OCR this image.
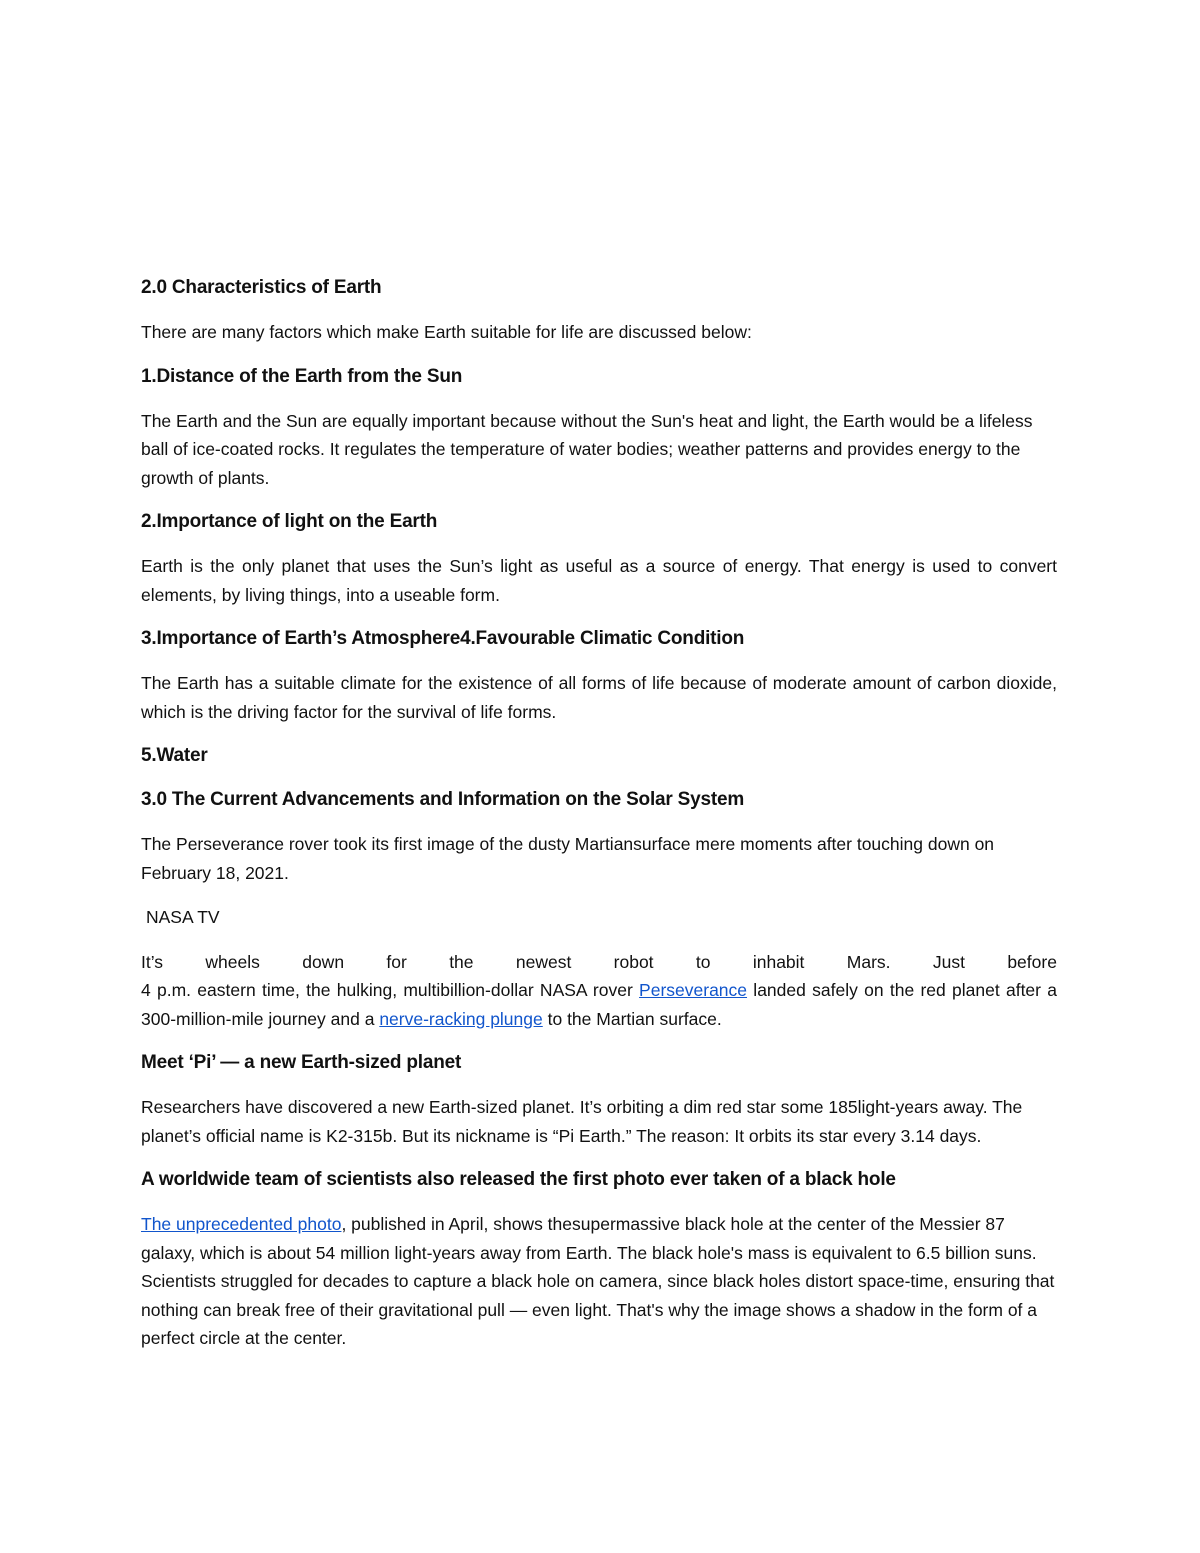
2.0 Characteristics of Earth
There are many factors which make Earth suitable for life are discussed below:
1.Distance of the Earth from the Sun
The Earth and the Sun are equally important because without the Sun's heat and light, the Earth would be a lifeless ball of ice-coated rocks. It regulates the temperature of water bodies; weather patterns and provides energy to the growth of plants.
2.Importance of light on the Earth
Earth is the only planet that uses the Sun’s light as useful as a source of energy. That energy is used to convert elements, by living things, into a useable form.
3.Importance of Earth’s Atmosphere4.Favourable Climatic Condition
The Earth has a suitable climate for the existence of all forms of life because of moderate amount of carbon dioxide, which is the driving factor for the survival of life forms.
5.Water
3.0 The Current Advancements and Information on the Solar System
The Perseverance rover took its first image of the dusty Martiansurface mere moments after touching down on February 18, 2021.
NASA TV
It’s wheels down for the newest robot to inhabit Mars. Just before
4 p.m. eastern time, the hulking, multibillion-dollar NASA rover Perseverance landed safely on the red planet after a 300-million-mile journey and a nerve-racking plunge to the Martian surface.
Meet ‘Pi’ — a new Earth-sized planet
Researchers have discovered a new Earth-sized planet. It’s orbiting a dim red star some 185light-years away. The planet’s official name is K2-315b. But its nickname is “Pi Earth.” The reason: It orbits its star every 3.14 days.
A worldwide team of scientists also released the first photo ever taken of a black hole
The unprecedented photo, published in April, shows thesupermassive black hole at the center of the Messier 87 galaxy, which is about 54 million light-years away from Earth. The black hole's mass is equivalent to 6.5 billion suns. Scientists struggled for decades to capture a black hole on camera, since black holes distort space-time, ensuring that nothing can break free of their gravitational pull — even light. That's why the image shows a shadow in the form of a perfect circle at the center.
